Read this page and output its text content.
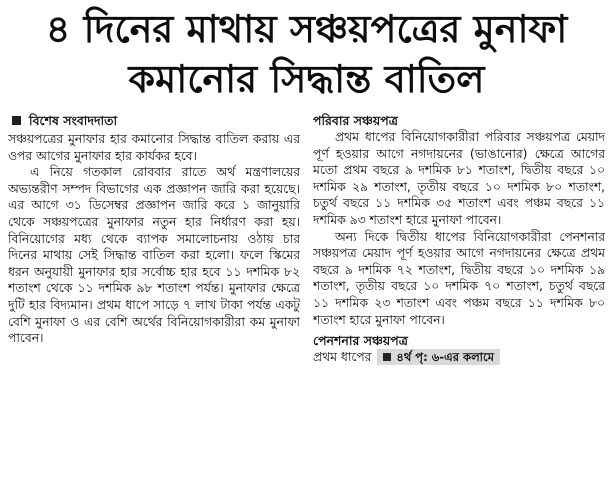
৪ দিনের মাথায় সঞ্চয়পত্রের মুনাফা
কমানোর সিদ্ধান্ত বাতিল
বিশেষ সংবাদদাতা

সঞ্চয়পত্রের মুনাফার হার কমানোর সিদ্ধান্ত বাতিল করায় এর ওপর আগের মুনাফার হার কার্যকর হবে।

এ নিয়ে গতকাল রোববার রাতে অর্থ মন্ত্রণালয়ের অভ্যন্তরীণ সম্পদ বিভাগের এক প্রজ্ঞাপন জারি করা হয়েছে।এর আগে ৩১ ডিসেম্বর প্রজ্ঞাপন জারি করে ১ জানুয়ারি থেকে সঞ্চয়পত্রের মুনাফার নতুন হার নির্ধারণ করা হয়। বিনিয়োগের মধ্য থেকে ব্যাপক সমালোচনায় ওঠায় চার দিনের মাথায় সেই সিদ্ধান্ত বাতিল করা হলো। ফলে স্কিমের ধরন অনুযায়ী মুনাফার হার সর্বোচ্চ হার হবে ১১ দশমিক ৮২ শতাংশ থেকে ১১ দশমিক ৯৮ শতাংশ পর্যন্ত। মুনাফার ক্ষেত্রে দুটি হার বিদ্যমান। প্রথম ধাপে সাড়ে ৭ লাখ টাকা পর্যন্ত একটু বেশি মুনাফা ও এর বেশি অর্থের বিনিয়োগকারীরা কম মুনাফা পাবেন।

পরিবার সঞ্চয়পত্র

প্রথম ধাপের বিনিয়োগকারীরা পরিবার সঞ্চয়পত্র মেয়াদ পূর্ণ হওয়ার আগে নগদায়নের (ভাঙানোর) ক্ষেত্রে আগের মতো প্রথম বছরে ৯ দশমিক ৮১ শতাংশ, দ্বিতীয় বছরে ১০ দশমিক ২৯ শতাংশ, তৃতীয় বছরে ১০ দশমিক ৮০ শতাংশ, চতুর্থ বছরে ১১ দশমিক ৩৫ শতাংশ এবং পঞ্চম বছরে ১১ দশমিক ৯৩ শতাংশ হারে মুনাফা পাবেন।

অন্য দিকে দ্বিতীয় ধাপের বিনিয়োগকারীরা পেনশনার সঞ্চয়পত্র মেয়াদ পূর্ণ হওয়ার আগে নগদায়নের ক্ষেত্রে প্রথম বছরে ৯ দশমিক ৭২ শতাংশ, দ্বিতীয় বছরে ১০ দশমিক ১৯ শতাংশ, তৃতীয় বছরে ১০ দশমিক ৭০ শতাংশ, চতুর্থ বছরে ১১ দশমিক ২৩ শতাংশ এবং পঞ্চম বছরে ১১ দশমিক ৮০ শতাংশ হারে মুনাফা পাবেন।

পেনশনার সঞ্চয়পত্র
প্রথম ধাপের ৪র্থ পৃ: ৬-এর কলামে
